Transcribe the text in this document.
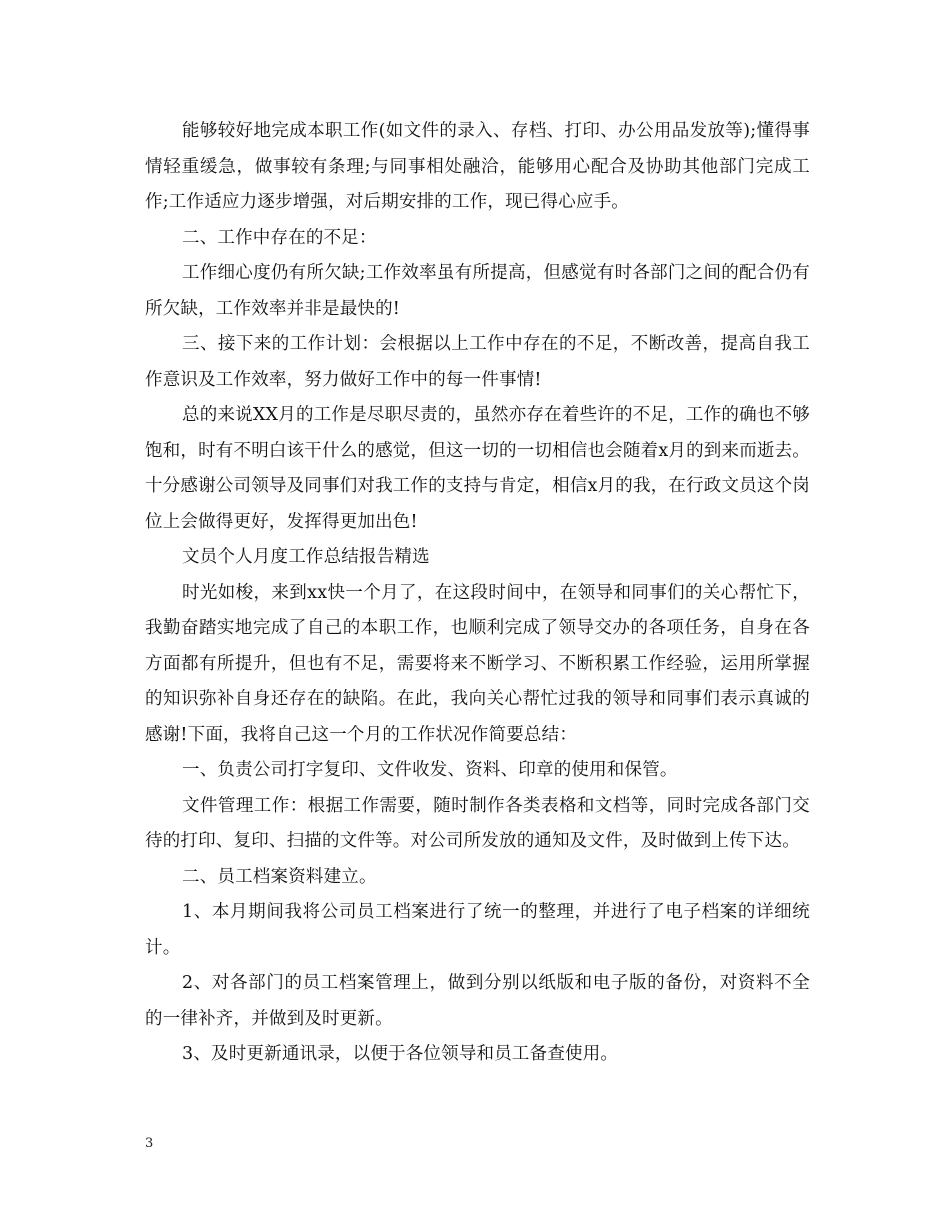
能够较好地完成本职工作(如文件的录入、存档、打印、办公用品发放等);懂得事情轻重缓急，做事较有条理;与同事相处融洽，能够用心配合及协助其他部门完成工作;工作适应力逐步增强，对后期安排的工作，现已得心应手。

二、工作中存在的不足：

工作细心度仍有所欠缺;工作效率虽有所提高，但感觉有时各部门之间的配合仍有所欠缺，工作效率并非是最快的!

三、接下来的工作计划：会根据以上工作中存在的不足，不断改善，提高自我工作意识及工作效率，努力做好工作中的每一件事情!

总的来说XX月的工作是尽职尽责的，虽然亦存在着些许的不足，工作的确也不够饱和，时有不明白该干什么的感觉，但这一切的一切相信也会随着x月的到来而逝去。十分感谢公司领导及同事们对我工作的支持与肯定，相信x月的我，在行政文员这个岗位上会做得更好，发挥得更加出色!

文员个人月度工作总结报告精选

时光如梭，来到xx快一个月了，在这段时间中，在领导和同事们的关心帮忙下，我勤奋踏实地完成了自己的本职工作，也顺利完成了领导交办的各项任务，自身在各方面都有所提升，但也有不足，需要将来不断学习、不断积累工作经验，运用所掌握的知识弥补自身还存在的缺陷。在此，我向关心帮忙过我的领导和同事们表示真诚的感谢!下面，我将自己这一个月的工作状况作简要总结：

一、负责公司打字复印、文件收发、资料、印章的使用和保管。

文件管理工作：根据工作需要，随时制作各类表格和文档等，同时完成各部门交待的打印、复印、扫描的文件等。对公司所发放的通知及文件，及时做到上传下达。

二、员工档案资料建立。

1、本月期间我将公司员工档案进行了统一的整理，并进行了电子档案的详细统计。

2、对各部门的员工档案管理上，做到分别以纸版和电子版的备份，对资料不全的一律补齐，并做到及时更新。

3、及时更新通讯录，以便于各位领导和员工备查使用。

3
